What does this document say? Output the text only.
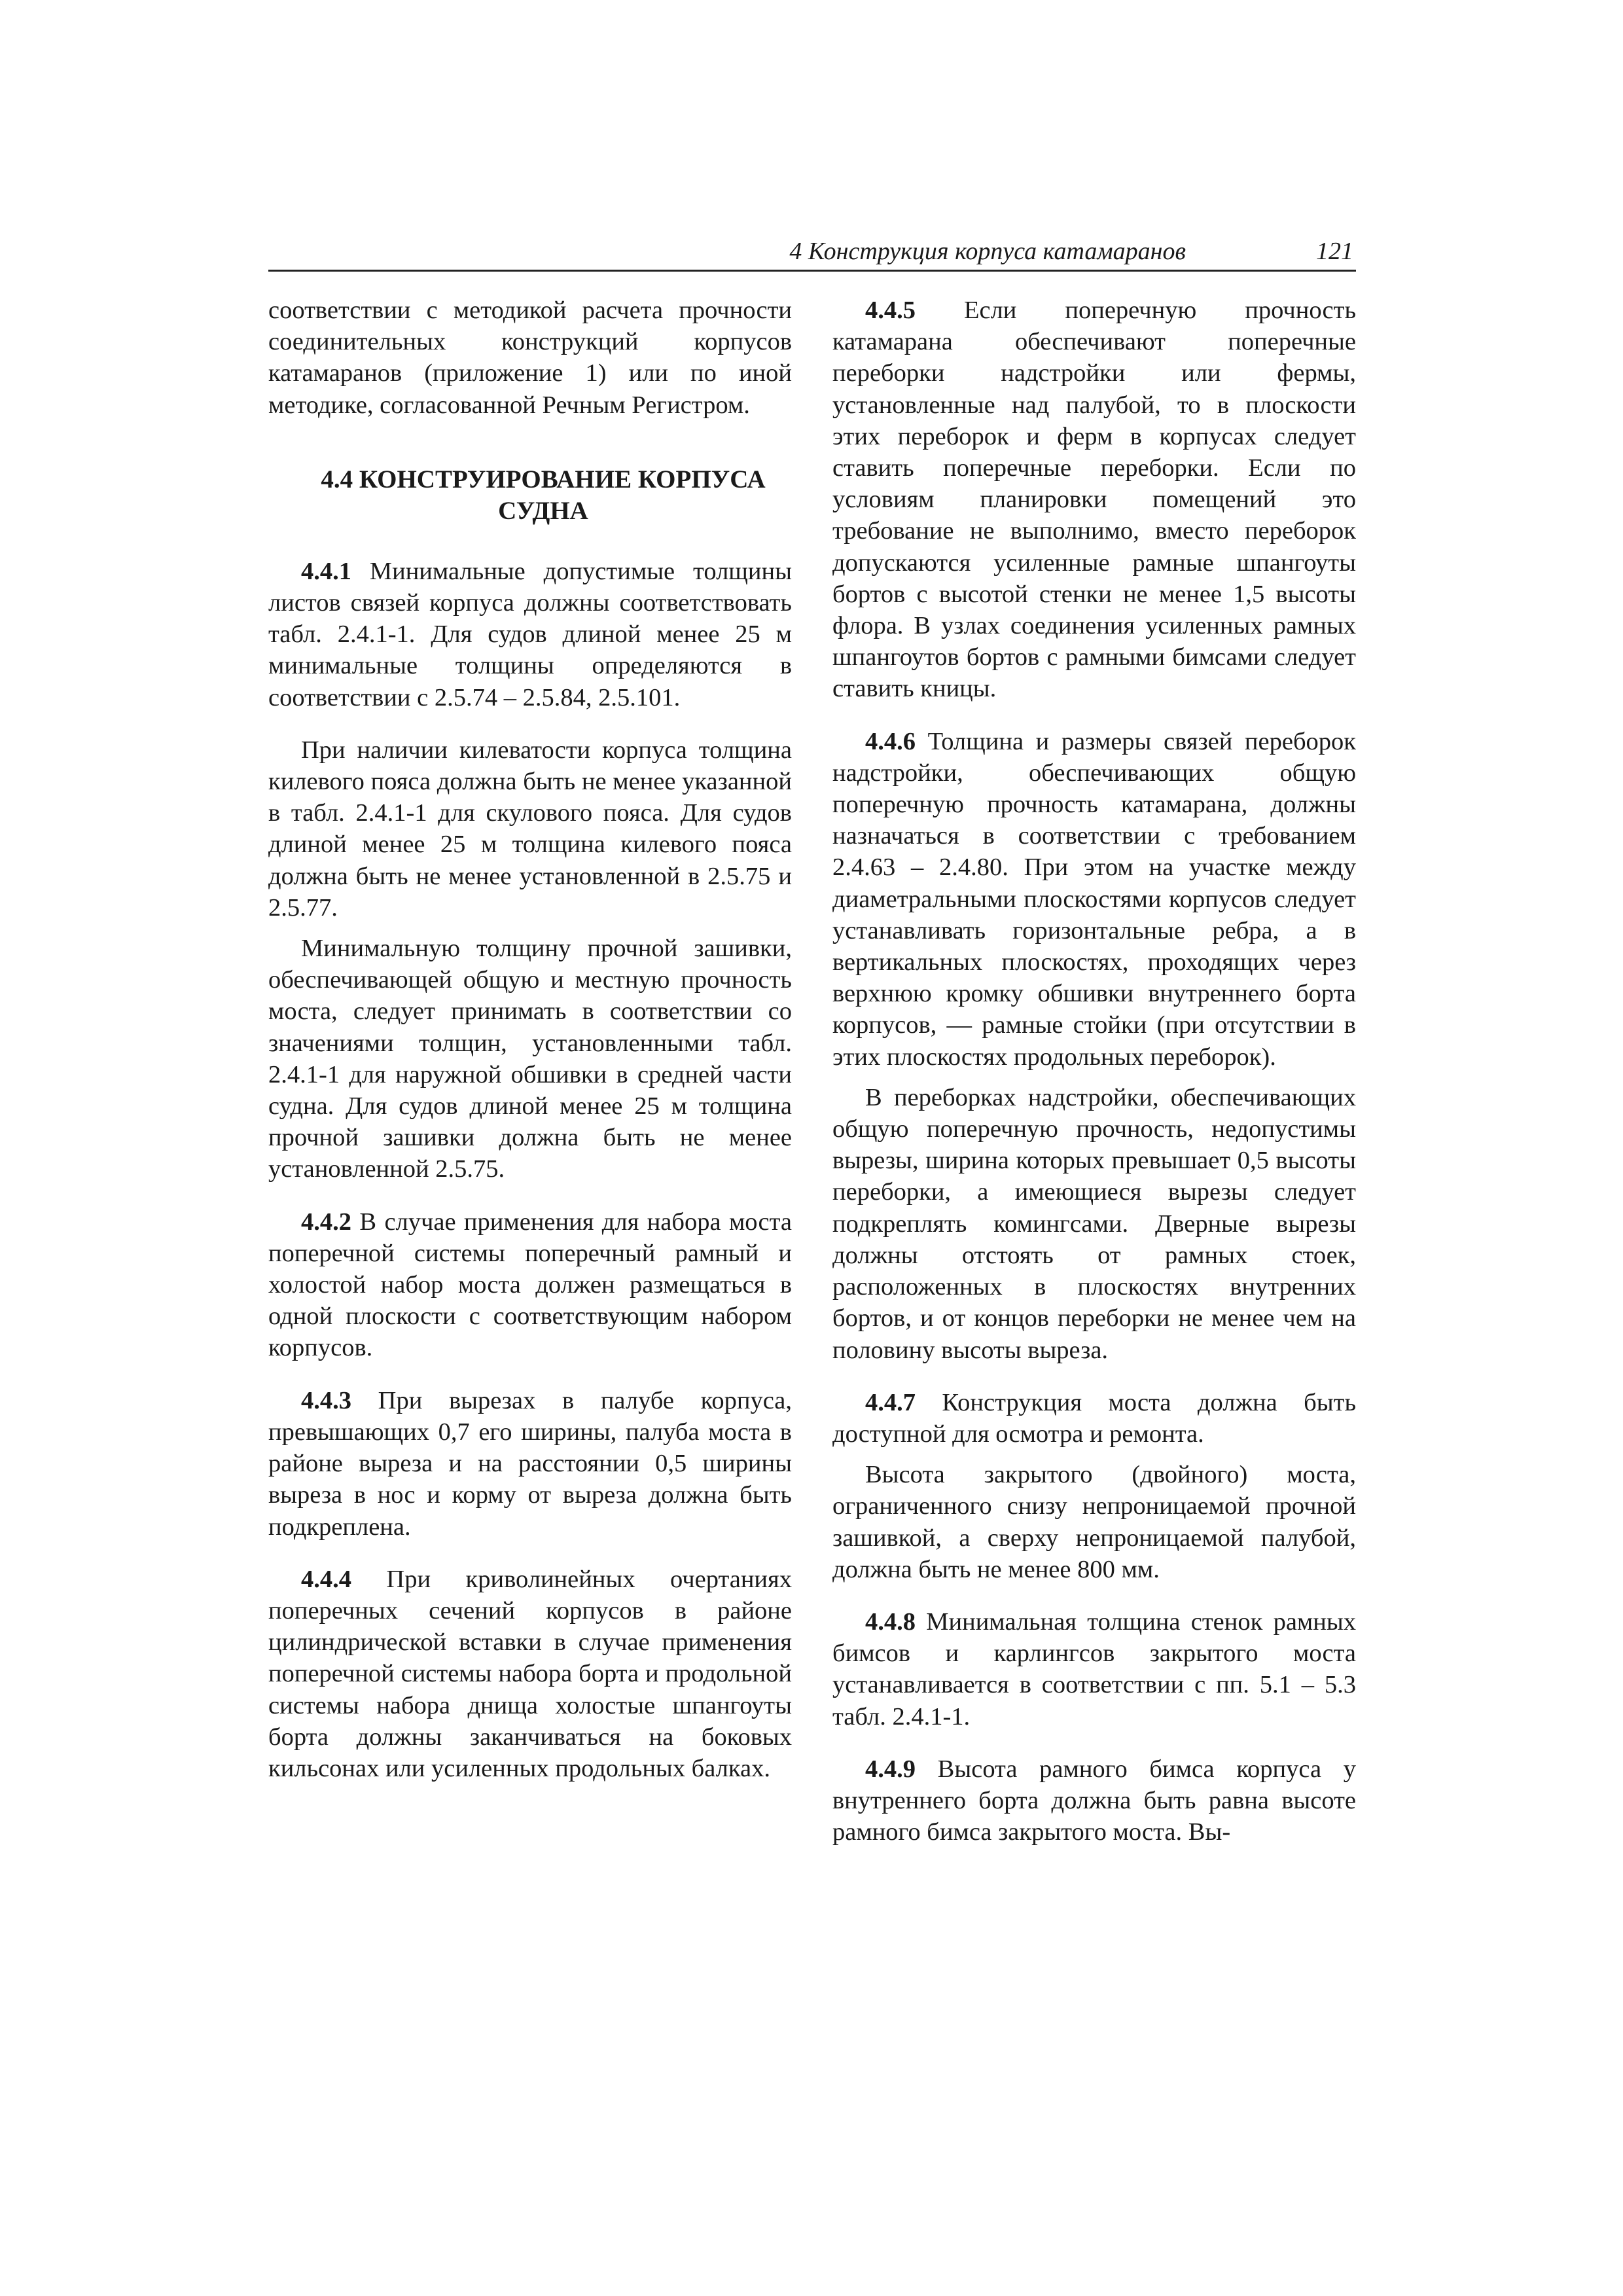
4 Конструкция корпуса катамаранов	121

соответствии с методикой расчета прочности соединительных конструкций корпусов катамаранов (приложение 1) или по иной методике, согласованной Речным Регистром.

4.4 КОНСТРУИРОВАНИЕ КОРПУСА СУДНА

4.4.1 Минимальные допустимые толщины листов связей корпуса должны соответствовать табл. 2.4.1-1. Для судов длиной менее 25 м минимальные толщины определяются в соответствии с 2.5.74 – 2.5.84, 2.5.101.

При наличии килеватости корпуса толщина килевого пояса должна быть не менее указанной в табл. 2.4.1-1 для скулового пояса. Для судов длиной менее 25 м толщина килевого пояса должна быть не менее установленной в 2.5.75 и 2.5.77.

Минимальную толщину прочной зашивки, обеспечивающей общую и местную прочность моста, следует принимать в соответствии со значениями толщин, установленными табл. 2.4.1-1 для наружной обшивки в средней части судна. Для судов длиной менее 25 м толщина прочной зашивки должна быть не менее установленной 2.5.75.

4.4.2 В случае применения для набора моста поперечной системы поперечный рамный и холостой набор моста должен размещаться в одной плоскости с соответствующим набором корпусов.

4.4.3 При вырезах в палубе корпуса, превышающих 0,7 его ширины, палуба моста в районе выреза и на расстоянии 0,5 ширины выреза в нос и корму от выреза должна быть подкреплена.

4.4.4 При криволинейных очертаниях поперечных сечений корпусов в районе цилиндрической вставки в случае применения поперечной системы набора борта и продольной системы набора днища холостые шпангоуты борта должны заканчиваться на боковых кильсонах или усиленных продольных балках.

4.4.5 Если поперечную прочность катамарана обеспечивают поперечные переборки надстройки или фермы, установленные над палубой, то в плоскости этих переборок и ферм в корпусах следует ставить поперечные переборки. Если по условиям планировки помещений это требование не выполнимо, вместо переборок допускаются усиленные рамные шпангоуты бортов с высотой стенки не менее 1,5 высоты флора. В узлах соединения усиленных рамных шпангоутов бортов с рамными бимсами следует ставить кницы.

4.4.6 Толщина и размеры связей переборок надстройки, обеспечивающих общую поперечную прочность катамарана, должны назначаться в соответствии с требованием 2.4.63 – 2.4.80. При этом на участке между диаметральными плоскостями корпусов следует устанавливать горизонтальные ребра, а в вертикальных плоскостях, проходящих через верхнюю кромку обшивки внутреннего борта корпусов, — рамные стойки (при отсутствии в этих плоскостях продольных переборок).

В переборках надстройки, обеспечивающих общую поперечную прочность, недопустимы вырезы, ширина которых превышает 0,5 высоты переборки, а имеющиеся вырезы следует подкреплять комингсами. Дверные вырезы должны отстоять от рамных стоек, расположенных в плоскостях внутренних бортов, и от концов переборки не менее чем на половину высоты выреза.

4.4.7 Конструкция моста должна быть доступной для осмотра и ремонта.

Высота закрытого (двойного) моста, ограниченного снизу непроницаемой прочной зашивкой, а сверху непроницаемой палубой, должна быть не менее 800 мм.

4.4.8 Минимальная толщина стенок рамных бимсов и карлингсов закрытого моста устанавливается в соответствии с пп. 5.1 – 5.3 табл. 2.4.1-1.

4.4.9 Высота рамного бимса корпуса у внутреннего борта должна быть равна высоте рамного бимса закрытого моста. Вы-
